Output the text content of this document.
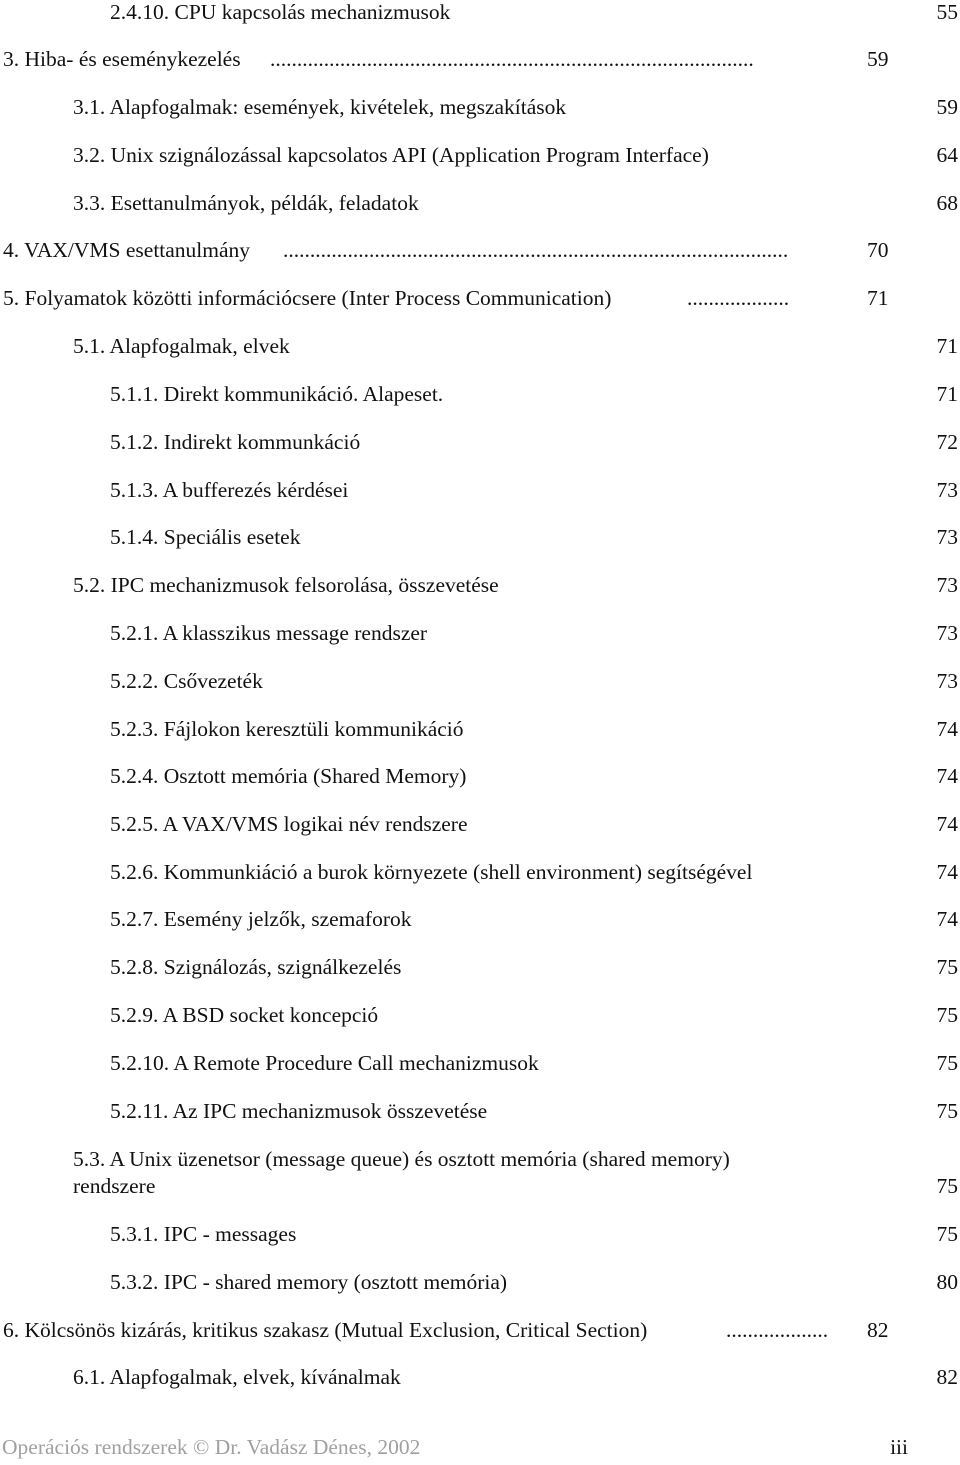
2.4.10. CPU kapcsolás mechanizmusok	55
3. Hiba- és eseménykezelés ..........................................................................................	59
3.1. Alapfogalmak: események, kivételek, megszakítások	59
3.2. Unix szignálozással kapcsolatos API (Application Program Interface)	64
3.3. Esettanulmányok, példák, feladatok	68
4. VAX/VMS esettanulmány ..............................................................................................	70
5. Folyamatok közötti információcsere (Inter Process Communication)	...................	71
5.1. Alapfogalmak, elvek	71
5.1.1. Direkt kommunikáció. Alapeset.	71
5.1.2. Indirekt kommunkáció	72
5.1.3. A bufferezés kérdései	73
5.1.4. Speciális esetek	73
5.2. IPC mechanizmusok felsorolása, összevetése	73
5.2.1. A klasszikus message rendszer	73
5.2.2. Csővezeték	73
5.2.3. Fájlokon keresztüli kommunikáció	74
5.2.4. Osztott memória (Shared Memory)	74
5.2.5. A VAX/VMS logikai név rendszere	74
5.2.6. Kommunkiáció a burok környezete (shell environment) segítségével	74
5.2.7. Esemény jelzők, szemaforok	74
5.2.8. Szignálozás, szignálkezelés	75
5.2.9. A BSD socket koncepció	75
5.2.10. A Remote Procedure Call mechanizmusok	75
5.2.11. Az IPC mechanizmusok összevetése	75
5.3. A Unix üzenetsor (message queue) és osztott memória (shared memory)
rendszere	75
5.3.1. IPC - messages	75
5.3.2. IPC - shared memory (osztott memória)	80
6. Kölcsönös kizárás, kritikus szakasz (Mutual Exclusion, Critical Section)	...................	82
6.1. Alapfogalmak, elvek, kívánalmak	82
Operációs rendszerek © Dr. Vadász Dénes, 2002	iii
